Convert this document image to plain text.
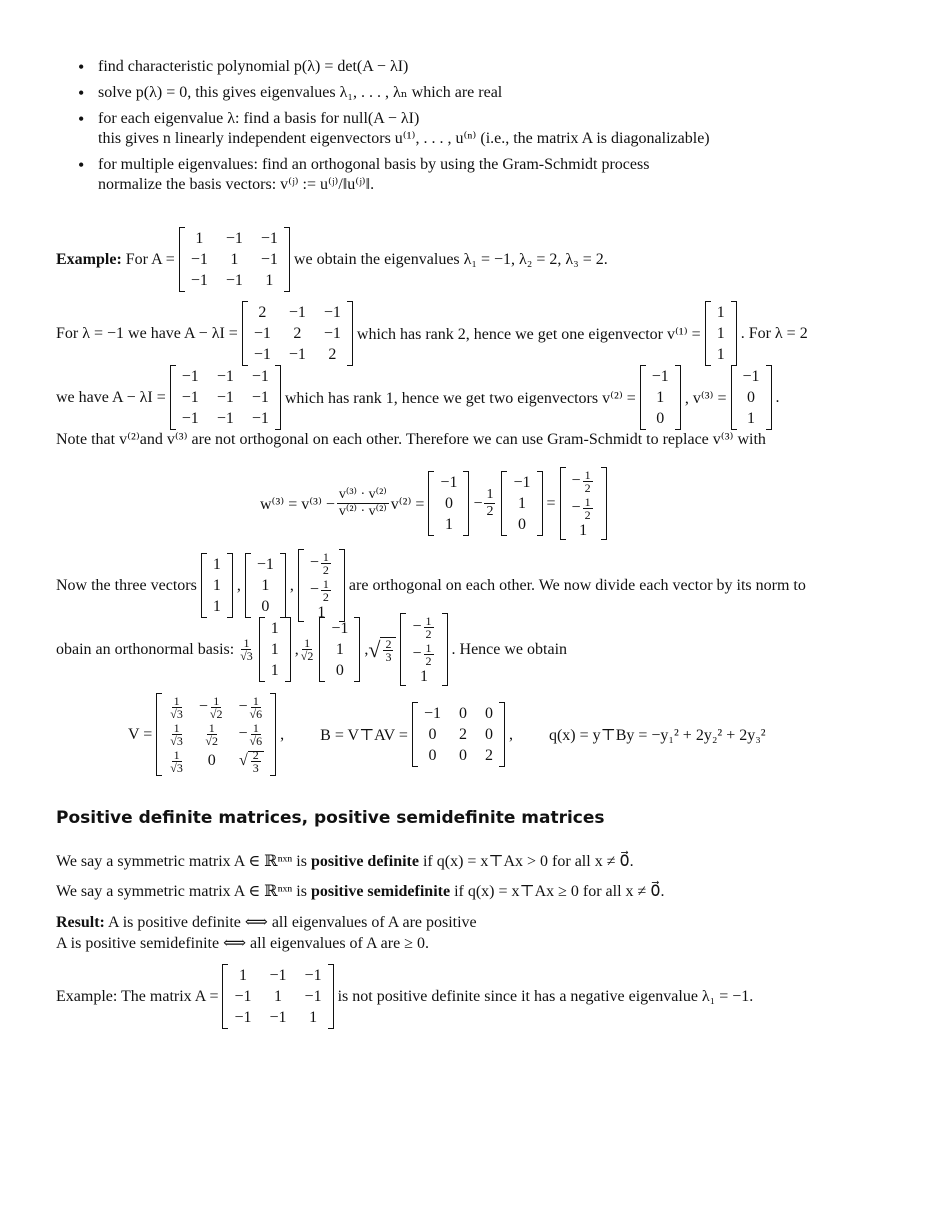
• find characteristic polynomial p(λ) = det(A − λI)
• solve p(λ) = 0, this gives eigenvalues λ₁, . . . , λₙ which are real
• for each eigenvalue λ: find a basis for null(A − λI)
this gives n linearly independent eigenvectors u⁽¹⁾, . . . , u⁽ⁿ⁾ (i.e., the matrix A is diagonalizable)
• for multiple eigenvalues: find an orthogonal basis by using the Gram-Schmidt process
normalize the basis vectors: v⁽ʲ⁾ := u⁽ʲ⁾/‖u⁽ʲ⁾‖.
Example:
For A =
1 −1 −1
−1 1 −1
−1 −1 1
we obtain the eigenvalues λ₁ = −1, λ₂ = 2, λ₃ = 2.
For λ = −1 we have A − λI =
2 −1 −1
−1 2 −1
−1 −1 2
which has rank 2, hence we get one eigenvector v⁽¹⁾ =
1
1
1
. For λ = 2
we have A − λI =
−1 −1 −1
−1 −1 −1
−1 −1 −1
which has rank 1, hence we get two eigenvectors v⁽²⁾ =
−1
1
0
, v⁽³⁾ =
−1
0
1
.
Note that v⁽²⁾and v⁽³⁾ are not orthogonal on each other. Therefore we can use Gram-Schmidt to replace v⁽³⁾ with
$w^{(3)} = v^{(3)} - \frac{\text{v⁽³⁾ · v⁽²⁾}}{\text{v⁽²⁾ · v⁽²⁾}} v^{(2)}$ =
−1
0
1
− $\frac{1}{2}$
−1
1
0
=
− $\frac{1}{2}$
− $\frac{1}{2}$
1
Now the three vectors
1
1
1
,
−1
1
0
,
− $\frac{1}{2}$
− $\frac{1}{2}$
1
are orthogonal on each other. We now divide each vector by its norm to
obain an orthonormal basis:
$\frac{1}{√3}$
1
1
1
, $\frac{1}{√2}$
−1
1
0
, √ $\frac{2}{3}$
− $\frac{1}{2}$
− $\frac{1}{2}$
1
. Hence we obtain
V =
$\frac{1}{√3} - \frac{1}{√2} - \frac{1}{√6}$
$\frac{1}{√3} \frac{1}{√2} - \frac{1}{√6}$
$\frac{1}{√3}$	0	√ $\frac{2}{3}$
, B = V⊤AV =
−1 0 0
0 2 0
0 0 2
, q(x) = y⊤By = −y₁² + 2y₂² + 2y₃²
Positive definite matrices, positive semidefinite matrices
We say a symmetric matrix A ∈ ℝⁿˣⁿ is positive definite if q(x) = x⊤Ax > 0 for all x ≠ 0⃗.
We say a symmetric matrix A ∈ ℝⁿˣⁿ is positive semidefinite if q(x) = x⊤Ax ≥ 0 for all x ≠ 0⃗.
Result: A is positive definite ⟺ all eigenvalues of A are positive
A is positive semidefinite ⟺ all eigenvalues of A are ≥ 0.
Example: The matrix A =
1 −1 −1
−1 1 −1
−1 −1 1
is not positive definite since it has a negative eigenvalue λ₁ = −1.
